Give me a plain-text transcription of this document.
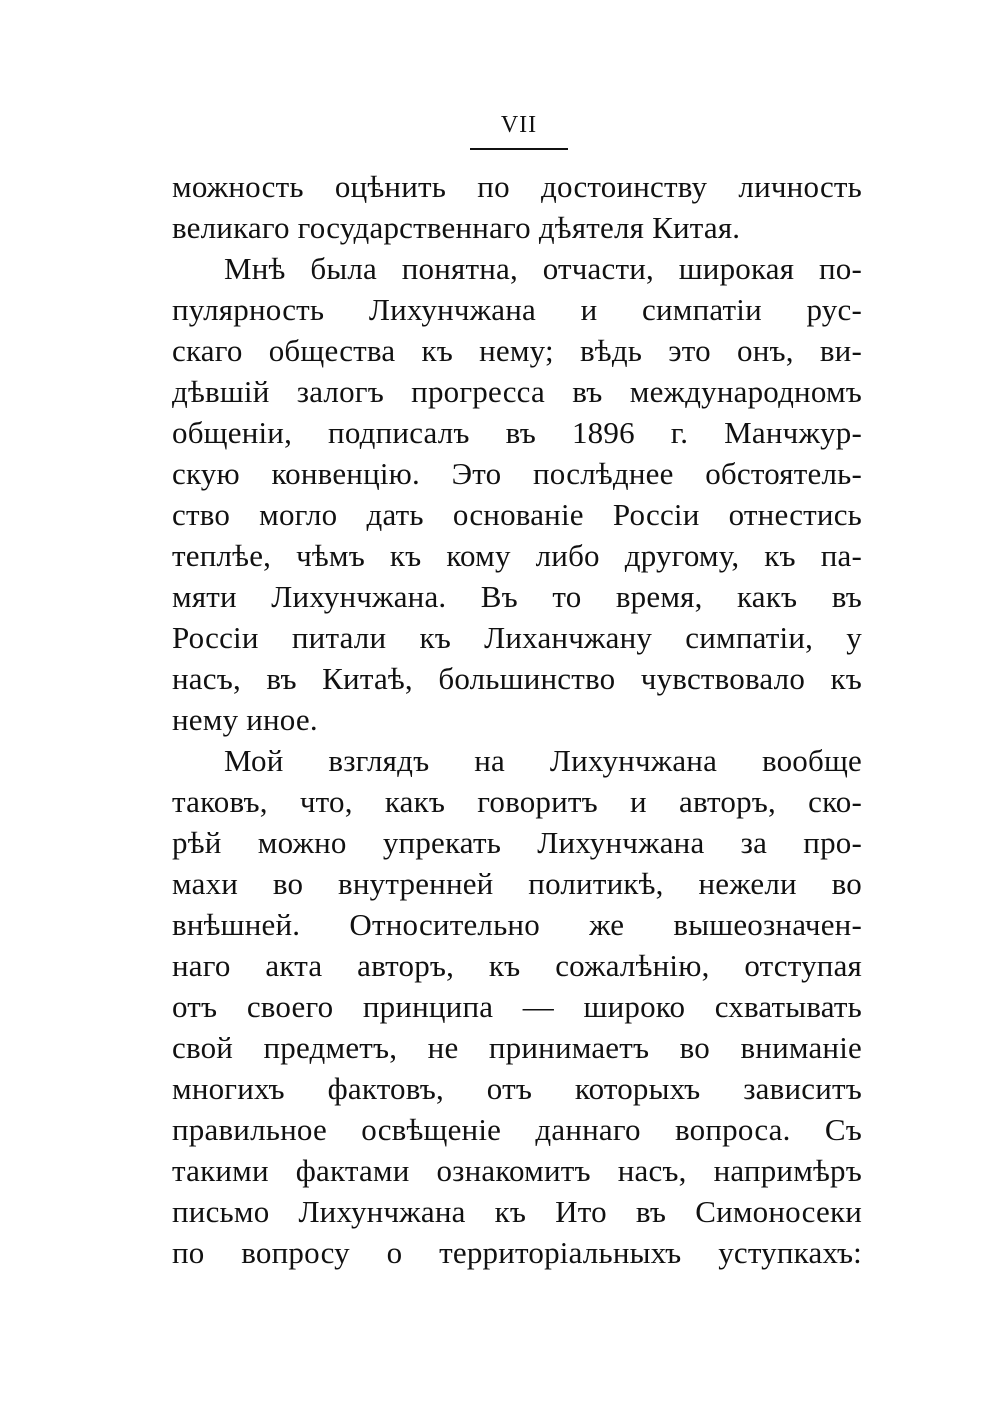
VII
можность оцѣнить по достоинству личность
великаго государственнаго дѣятеля Китая.
Мнѣ была понятна, отчасти, широкая по-
пулярность Лихунчжана и симпатіи рус-
скаго общества къ нему; вѣдь это онъ, ви-
дѣвшій залогъ прогресса въ международномъ
общеніи, подписалъ въ 1896 г. Манчжур-
скую конвенцію. Это послѣднее обстоятель-
ство могло дать основаніе Россіи отнестись
теплѣе, чѣмъ къ кому либо другому, къ па-
мяти Лихунчжана. Въ то время, какъ въ
Россіи питали къ Лиханчжану симпатіи, у
насъ, въ Китаѣ, большинство чувствовало къ
нему иное.
Мой взглядъ на Лихунчжана вообще
таковъ, что, какъ говоритъ и авторъ, ско-
рѣй можно упрекать Лихунчжана за про-
махи во внутренней политикѣ, нежели во
внѣшней. Относительно же вышеозначен-
наго акта авторъ, къ сожалѣнію, отступая
отъ своего принципа — широко схватывать
свой предметъ, не принимаетъ во вниманіе
многихъ фактовъ, отъ которыхъ зависитъ
правильное освѣщеніе даннаго вопроса. Съ
такими фактами ознакомитъ насъ, напримѣръ
письмо Лихунчжана къ Ито въ Симоносеки
по вопросу о территоріальныхъ уступкахъ:
